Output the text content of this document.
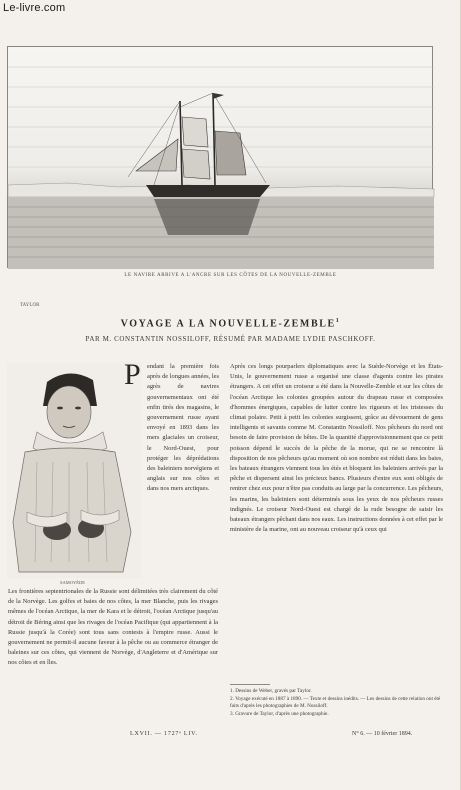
Le-livre.com
TAYLOR
LE NAVIRE ARRIVE A L'ANCRE SUR LES CÔTES DE LA NOUVELLE-ZEMBLE
VOYAGE A LA NOUVELLE-ZEMBLE$^1$
PAR M. CONSTANTIN NOSSILOFF, RÉSUMÉ PAR MADAME LYDIE PASCHKOFF.
SAMOYÈDE
P endant la première fois après de longues années, les agrès de navires gouvernementaux ont été enfin tirés des magasins, le gouvernement russe ayant envoyé en 1893 dans les mers glaciales un croiseur, le Nord-Ouest, pour protéger les déprédations des baleiniers norvégiens et anglais sur nos côtes et dans nos mers arctiques.

Les frontières septentrionales de la Russie sont délimitées très clairement du côté de la Norvège. Les golfes et baies de nos côtes, la mer Blanche, puis les rivages mêmes de l'océan Arctique, la mer de Kara et le détroit, l'océan Arctique jusqu'au détroit de Béring ainsi que les rivages de l'océan Pacifique (qui appartiennent à la Russie jusqu'à la Corée) sont tous sans contests à l'empire russe. Aussi le gouvernement ne permit-il aucune faveur à la pêche ou au commerce étranger de baleines sur ces côtes, qui viennent de Norvège, d'Angleterre et d'Amérique sur nos côtes et en îles.

Après ces longs pourparlers diplomatiques avec la Suède-Norvège et les États-Unis, le gouvernement russe a organisé une classe d'agents contre les pirates étrangers. A cet effet un croiseur a été dans la Nouvelle-Zemble et sur les côtes de l'océan Arctique les colonies groupées autour du drapeau russe et composées d'hommes énergiques, capables de lutter contre les rigueurs et les tristesses du climat polaire. Petit à petit les colonies surgissent, grâce au dévouement de gens intelligents et savants comme M. Constantin Nossiloff. Nos pêcheurs du nord ont besoin de faire provision de bêtes. De la quantité d'approvisionnement que ce petit poisson dépend le succès de la pêche de la morue, qui ne se rencontre là disposition de nos pêcheurs qu'au moment où son nombre est réduit dans les baies, les bateaux étrangers viennent tous les étés et bloquent les baleiniers arrivés par la pêche et dispersent ainsi les précieux bancs. Plusieurs d'entre eux sont obligés de rentrer chez eux pour n'être pas conduits au large par la concurrence. Les pêcheurs, les marins, les baleiniers sont déterminés sous les yeux de nos pêcheurs russes indignés. Le croiseur Nord-Ouest est chargé de la rude besogne de saisir les bateaux étrangers pêchant dans nos eaux. Les instructions données à cet effet par le ministère de la marine, ont au nouveau croiseur qu'à ceux qui

1. Dessins de Weber, gravés par Taylor.
2. Voyage exécuté en 1887 à 1890. — Texte et dessins inédits. — Les dessins de cette relation ont été faits d'après les photographies de M. Nossiloff.
3. Gravure de Taylor, d'après une photographie.
LXVII. — 1727ᵉ LIV.	N° 6. — 10 février 1894.
